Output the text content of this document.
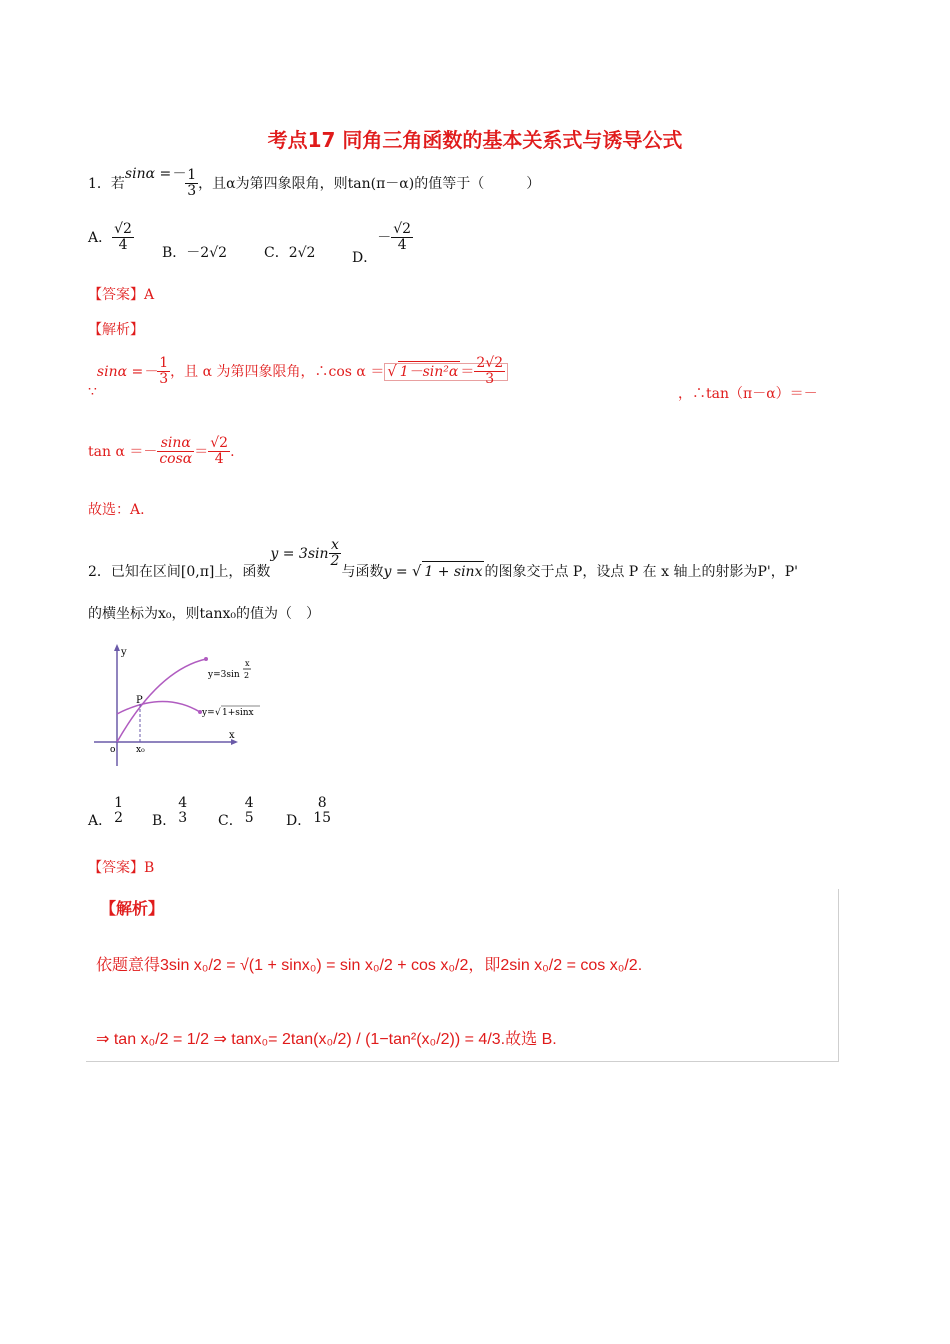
考点17 同角三角函数的基本关系式与诱导公式
1．若$\sin\alpha =- \frac{1}{3}$ ，且α为第四象限角，则tan(π－α)的值等于（　　　）
A． $\frac{√2}{4}$ B．－2√2	C．2√2	D．－ $\frac{√2}{4}$
【答案】A
【解析】
∵sinα =－ $\frac{1}{3}$ ，且 α 为第四象限角，∴cos α ＝ √ $1-\sin^2\alpha = \frac{2√2}{3}$
，∴tan（π－α）＝－
$\tan \alpha =- \frac{\sin\alpha}{\cos\alpha} = \frac{√2}{4}$ .
故选：A.
2．已知在区间[0,π]上，函数$y = 3\sin \frac{x}{2}$
与函数y = √ 1 + sinx 的图象交于点 P，设点 P 在 x 轴上的射影为P'，P'
的横坐标为x₀，则tanx₀的值为（　）
y
x
o
P
x₀
y=3sin
x
2
y= √ 1+sinx
A．
1
2 B．
4
3 C．
4
5 D．
8
15
【答案】B
【解析】
依题意得3sin x₀/2 = √(1 + sinx₀) = sin x₀/2 + cos x₀/2，即2sin x₀/2 = cos x₀/2.
⇒ tan x₀/2 = 1/2 ⇒ tanx₀= 2tan(x₀/2) / (1−tan²(x₀/2)) = 4/3.故选 B.
